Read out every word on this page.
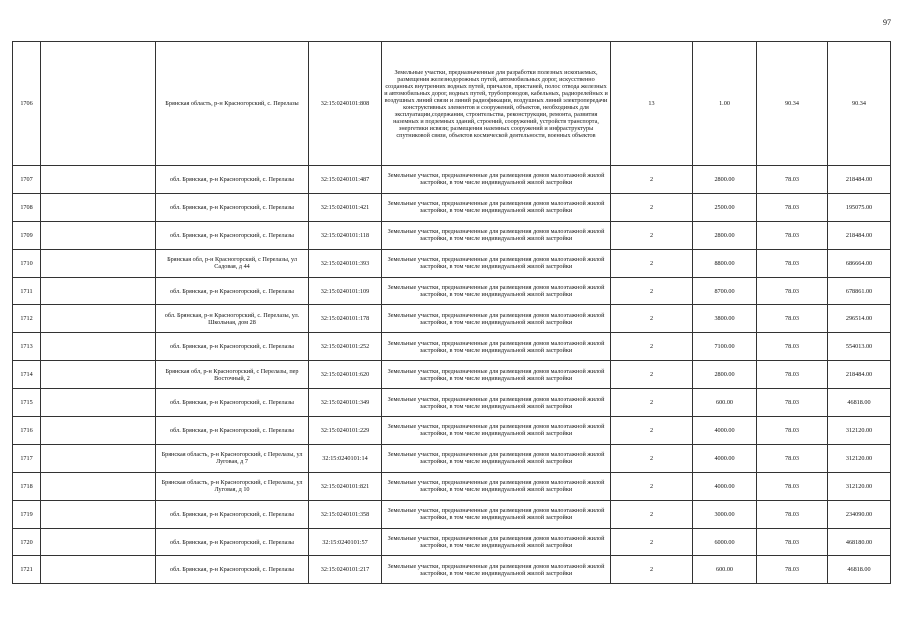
97
1706		Брянская область, р-н Красногорский, с. Перелазы	32:15:0240101:808	Земельные участки, предназначенные для разработки полезных ископаемых, размещения железнодорожных путей, автомобильных дорог, искусственно созданных внутренних водных путей, причалов, пристаней, полос отвода железных и автомобильных дорог, водных путей, трубопроводов, кабельных, радиорелейных и воздушных линий связи и линий радиофикации, воздушных линий электропередачи конструктивных элементов и сооружений, объектов, необходимых для эксплуатации,содержания, строительства, реконструкции, ремонта, развития наземных и подземных зданий, строений, сооружений, устройств транспорта, энергетики исвязи; размещения наземных сооружений и инфраструктуры спутниковой связи, объектов космической деятельности, военных объектов	13	1.00	90.34	90.34
1707		обл. Брянская, р-н Красногорский, с. Перелазы	32:15:0240101:487	Земельные участки, предназначенные для размещения домов малоэтажной жилой застройки, в том числе индивидуальной жилой застройки	2	2800.00	78.03	218484.00
1708		обл. Брянская, р-н Красногорский, с. Перелазы	32:15:0240101:421	Земельные участки, предназначенные для размещения домов малоэтажной жилой застройки, в том числе индивидуальной жилой застройки	2	2500.00	78.03	195075.00
1709		обл. Брянская, р-н Красногорский, с. Перелазы	32:15:0240101:118	Земельные участки, предназначенные для размещения домов малоэтажной жилой застройки, в том числе индивидуальной жилой застройки	2	2800.00	78.03	218484.00
1710		Брянская обл, р-н Красногорский, с Перелазы, ул Садовая, д 44	32:15:0240101:393	Земельные участки, предназначенные для размещения домов малоэтажной жилой застройки, в том числе индивидуальной жилой застройки	2	8800.00	78.03	686664.00
1711		обл. Брянская, р-н Красногорский, с. Перелазы	32:15:0240101:109	Земельные участки, предназначенные для размещения домов малоэтажной жилой застройки, в том числе индивидуальной жилой застройки	2	8700.00	78.03	678861.00
1712		обл. Брянская, р-н Красногорский, с. Перелазы, ул. Школьная, дом 28	32:15:0240101:178	Земельные участки, предназначенные для размещения домов малоэтажной жилой застройки, в том числе индивидуальной жилой застройки	2	3800.00	78.03	296514.00
1713		обл. Брянская, р-н Красногорский, с. Перелазы	32:15:0240101:252	Земельные участки, предназначенные для размещения домов малоэтажной жилой застройки, в том числе индивидуальной жилой застройки	2	7100.00	78.03	554013.00
1714		Брянская обл, р-н Красногорский, с Перелазы, пер Восточный, 2	32:15:0240101:620	Земельные участки, предназначенные для размещения домов малоэтажной жилой застройки, в том числе индивидуальной жилой застройки	2	2800.00	78.03	218484.00
1715		обл. Брянская, р-н Красногорский, с. Перелазы	32:15:0240101:349	Земельные участки, предназначенные для размещения домов малоэтажной жилой застройки, в том числе индивидуальной жилой застройки	2	600.00	78.03	46818.00
1716		обл. Брянская, р-н Красногорский, с. Перелазы	32:15:0240101:229	Земельные участки, предназначенные для размещения домов малоэтажной жилой застройки, в том числе индивидуальной жилой застройки	2	4000.00	78.03	312120.00
1717		Брянская область, р-н Красногорский, с Перелазы, ул Луговая, д 7	32:15:0240101:14	Земельные участки, предназначенные для размещения домов малоэтажной жилой застройки, в том числе индивидуальной жилой застройки	2	4000.00	78.03	312120.00
1718		Брянская область, р-н Красногорский, с Перелазы, ул Луговая, д 10	32:15:0240101:821	Земельные участки, предназначенные для размещения домов малоэтажной жилой застройки, в том числе индивидуальной жилой застройки	2	4000.00	78.03	312120.00
1719		обл. Брянская, р-н Красногорский, с. Перелазы	32:15:0240101:358	Земельные участки, предназначенные для размещения домов малоэтажной жилой застройки, в том числе индивидуальной жилой застройки	2	3000.00	78.03	234090.00
1720		обл. Брянская, р-н Красногорский, с. Перелазы	32:15:0240101:57	Земельные участки, предназначенные для размещения домов малоэтажной жилой застройки, в том числе индивидуальной жилой застройки	2	6000.00	78.03	468180.00
1721		обл. Брянская, р-н Красногорский, с. Перелазы	32:15:0240101:217	Земельные участки, предназначенные для размещения домов малоэтажной жилой застройки, в том числе индивидуальной жилой застройки	2	600.00	78.03	46818.00
